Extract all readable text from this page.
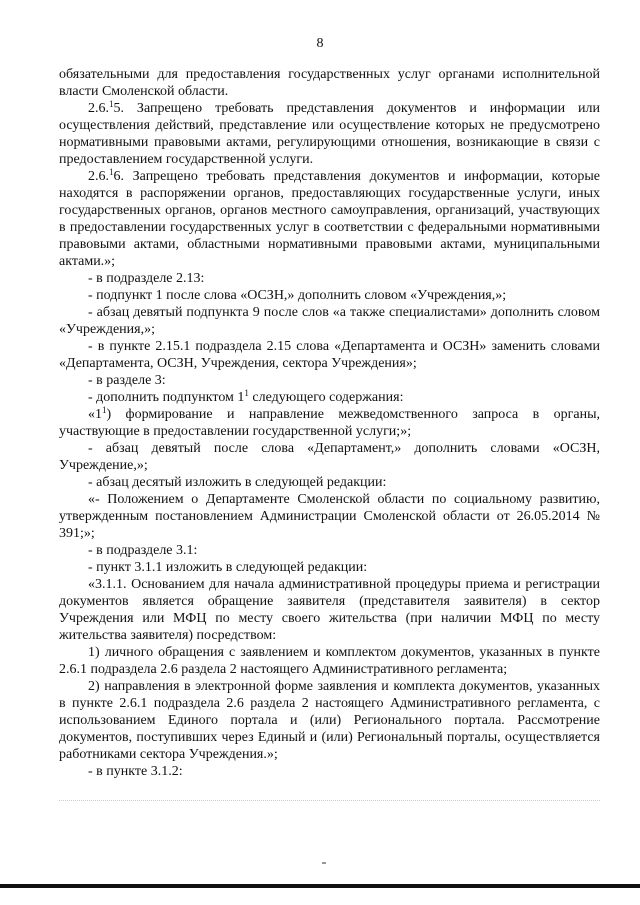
8

обязательными для предоставления государственных услуг органами исполнительной власти Смоленской области.

2.6.$^1$5. Запрещено требовать представления документов и информации или осуществления действий, представление или осуществление которых не предусмотрено нормативными правовыми актами, регулирующими отношения, возникающие в связи с предоставлением государственной услуги.

2.6.$^1$6. Запрещено требовать представления документов и информации, которые находятся в распоряжении органов, предоставляющих государственные услуги, иных государственных органов, органов местного самоуправления, организаций, участвующих в предоставлении государственных услуг в соответствии с федеральными нормативными правовыми актами, областными нормативными правовыми актами, муниципальными актами.»;

- в подразделе 2.13:

- подпункт 1 после слова «ОСЗН,» дополнить словом «Учреждения,»;

- абзац девятый подпункта 9 после слов «а также специалистами» дополнить словом «Учреждения,»;

- в пункте 2.15.1 подраздела 2.15 слова «Департамента и ОСЗН» заменить словами «Департамента, ОСЗН, Учреждения, сектора Учреждения»;

- в разделе 3:

- дополнить подпунктом $1^1$ следующего содержания:

«$1^1$) формирование и направление межведомственного запроса в органы, участвующие в предоставлении государственной услуги;»;

- абзац девятый после слова «Департамент,» дополнить словами «ОСЗН, Учреждение,»;

- абзац десятый изложить в следующей редакции:

«- Положением о Департаменте Смоленской области по социальному развитию, утвержденным постановлением Администрации Смоленской области от 26.05.2014 № 391;»;

- в подразделе 3.1:

- пункт 3.1.1 изложить в следующей редакции:

«3.1.1. Основанием для начала административной процедуры приема и регистрации документов является обращение заявителя (представителя заявителя) в сектор Учреждения или МФЦ по месту своего жительства (при наличии МФЦ по месту жительства заявителя) посредством:

1) личного обращения с заявлением и комплектом документов, указанных в пункте 2.6.1 подраздела 2.6 раздела 2 настоящего Административного регламента;

2) направления в электронной форме заявления и комплекта документов, указанных в пункте 2.6.1 подраздела 2.6 раздела 2 настоящего Административного регламента, с использованием Единого портала и (или) Регионального портала. Рассмотрение документов, поступивших через Единый и (или) Региональный порталы, осуществляется работниками сектора Учреждения.»;

- в пункте 3.1.2:
